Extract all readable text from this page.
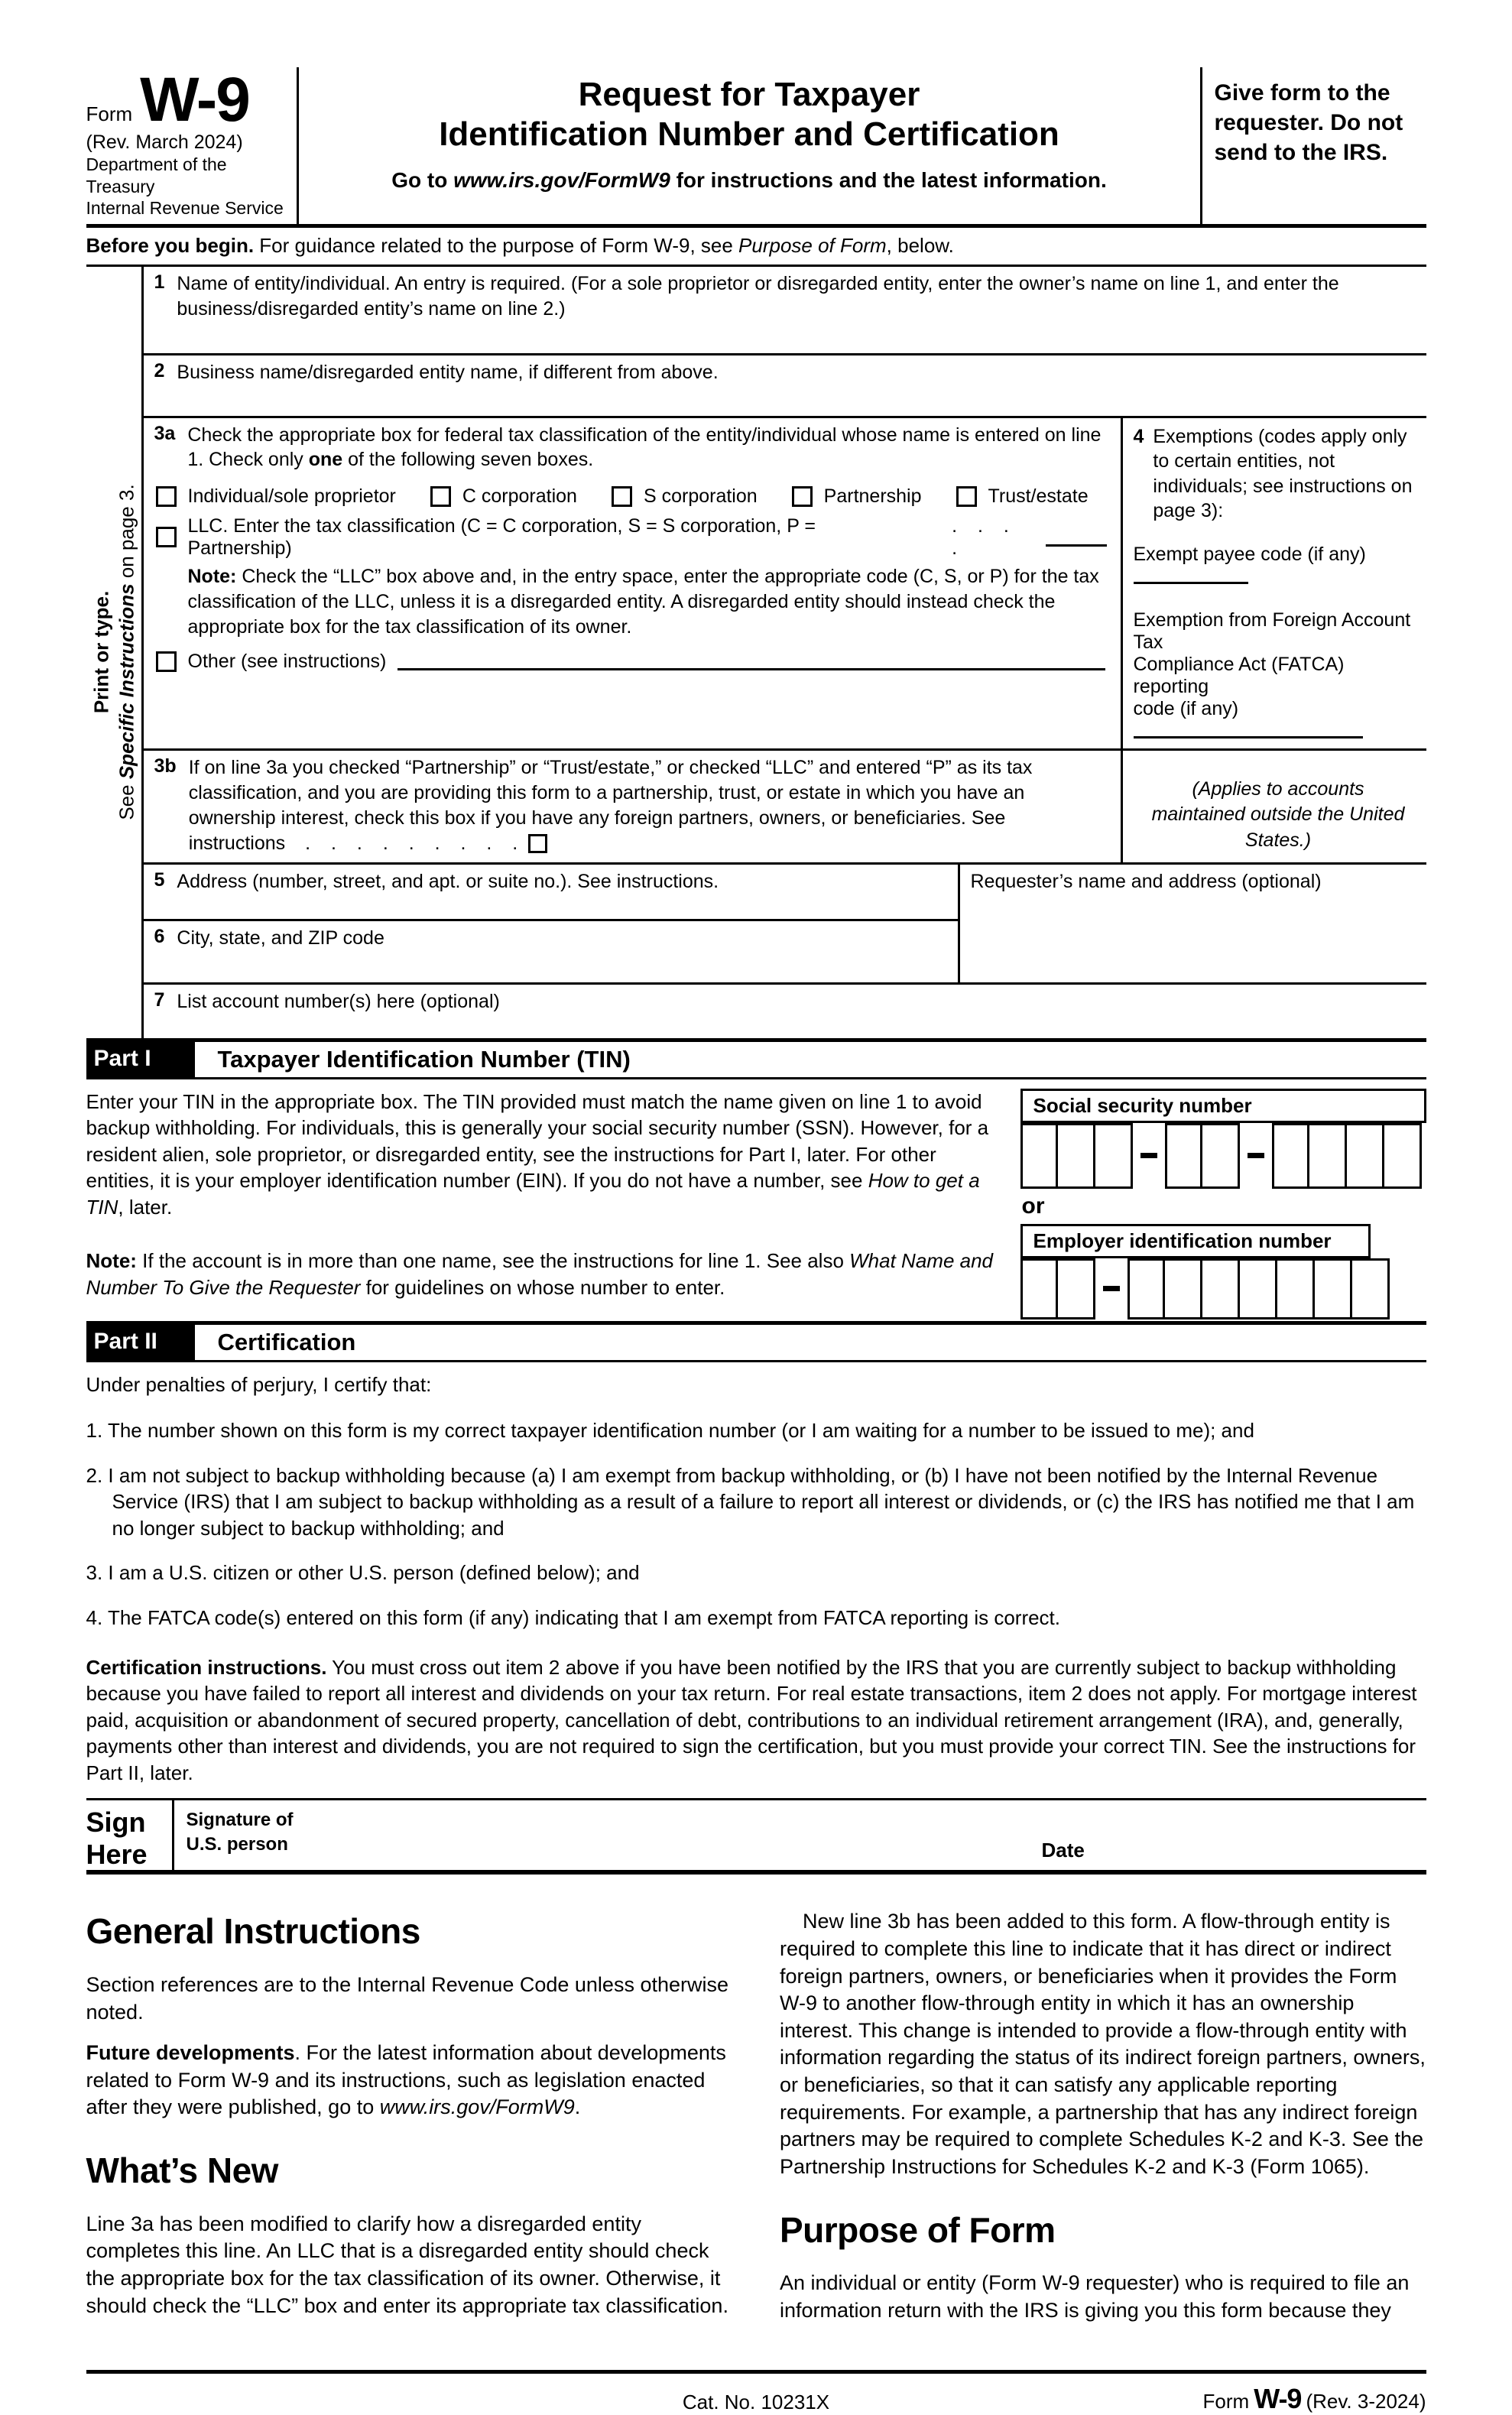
Form W-9
(Rev. March 2024)
Department of the Treasury
Internal Revenue Service
Request for Taxpayer
Identification Number and Certification
Go to www.irs.gov/FormW9 for instructions and the latest information.
Give form to the requester. Do not send to the IRS.
Before you begin. For guidance related to the purpose of Form W-9, see Purpose of Form, below.
Print or type.
See Specific Instructions on page 3.
1 Name of entity/individual. An entry is required. (For a sole proprietor or disregarded entity, enter the owner’s name on line 1, and enter the business/disregarded entity’s name on line 2.)
2 Business name/disregarded entity name, if different from above.
3a Check the appropriate box for federal tax classification of the entity/individual whose name is entered on line 1. Check only one of the following seven boxes.
Individual/sole proprietor	C corporation	S corporation	Partnership	Trust/estate
LLC. Enter the tax classification (C = C corporation, S = S corporation, P = Partnership)
. . . .
Note: Check the “LLC” box above and, in the entry space, enter the appropriate code (C, S, or P) for the tax classification of the LLC, unless it is a disregarded entity. A disregarded entity should instead check the appropriate box for the tax classification of its owner.
Other (see instructions)
4 Exemptions (codes apply only to certain entities, not individuals; see instructions on page 3):
Exempt payee code (if any)
Exemption from Foreign Account Tax
Compliance Act (FATCA) reporting
code (if any)
3b If on line 3a you checked “Partnership” or “Trust/estate,” or checked “LLC” and entered “P” as its tax classification, and you are providing this form to a partnership, trust, or estate in which you have an ownership interest, check this box if you have any foreign partners, owners, or beneficiaries. See instructions . . . . . . . . .
(Applies to accounts maintained outside the United States.)
5 Address (number, street, and apt. or suite no.). See instructions.
6 City, state, and ZIP code
Requester’s name and address (optional)
7 List account number(s) here (optional)
Part I	Taxpayer Identification Number (TIN)

Enter your TIN in the appropriate box. The TIN provided must match the name given on line 1 to avoid backup withholding. For individuals, this is generally your social security number (SSN). However, for a resident alien, sole proprietor, or disregarded entity, see the instructions for Part I, later. For other entities, it is your employer identification number (EIN). If you do not have a number, see How to get a TIN, later.

Note: If the account is in more than one name, see the instructions for line 1. See also What Name and Number To Give the Requester for guidelines on whose number to enter.

Social security number
or
Employer identification number
Part II	Certification

Under penalties of perjury, I certify that:

1. The number shown on this form is my correct taxpayer identification number (or I am waiting for a number to be issued to me); and
2. I am not subject to backup withholding because (a) I am exempt from backup withholding, or (b) I have not been notified by the Internal Revenue Service (IRS) that I am subject to backup withholding as a result of a failure to report all interest or dividends, or (c) the IRS has notified me that I am no longer subject to backup withholding; and
3. I am a U.S. citizen or other U.S. person (defined below); and
4. The FATCA code(s) entered on this form (if any) indicating that I am exempt from FATCA reporting is correct.

Certification instructions. You must cross out item 2 above if you have been notified by the IRS that you are currently subject to backup withholding because you have failed to report all interest and dividends on your tax return. For real estate transactions, item 2 does not apply. For mortgage interest paid, acquisition or abandonment of secured property, cancellation of debt, contributions to an individual retirement arrangement (IRA), and, generally, payments other than interest and dividends, you are not required to sign the certification, but you must provide your correct TIN. See the instructions for Part II, later.

Sign
Here
Signature of
U.S. person	Date
General Instructions

Section references are to the Internal Revenue Code unless otherwise noted.

Future developments. For the latest information about developments related to Form W-9 and its instructions, such as legislation enacted after they were published, go to www.irs.gov/FormW9.

What’s New

Line 3a has been modified to clarify how a disregarded entity completes this line. An LLC that is a disregarded entity should check the appropriate box for the tax classification of its owner. Otherwise, it should check the “LLC” box and enter its appropriate tax classification.

New line 3b has been added to this form. A flow-through entity is required to complete this line to indicate that it has direct or indirect foreign partners, owners, or beneficiaries when it provides the Form W-9 to another flow-through entity in which it has an ownership interest. This change is intended to provide a flow-through entity with information regarding the status of its indirect foreign partners, owners, or beneficiaries, so that it can satisfy any applicable reporting requirements. For example, a partnership that has any indirect foreign partners may be required to complete Schedules K-2 and K-3. See the Partnership Instructions for Schedules K-2 and K-3 (Form 1065).

Purpose of Form

An individual or entity (Form W-9 requester) who is required to file an information return with the IRS is giving you this form because they

Cat. No. 10231X	Form W-9 (Rev. 3-2024)
